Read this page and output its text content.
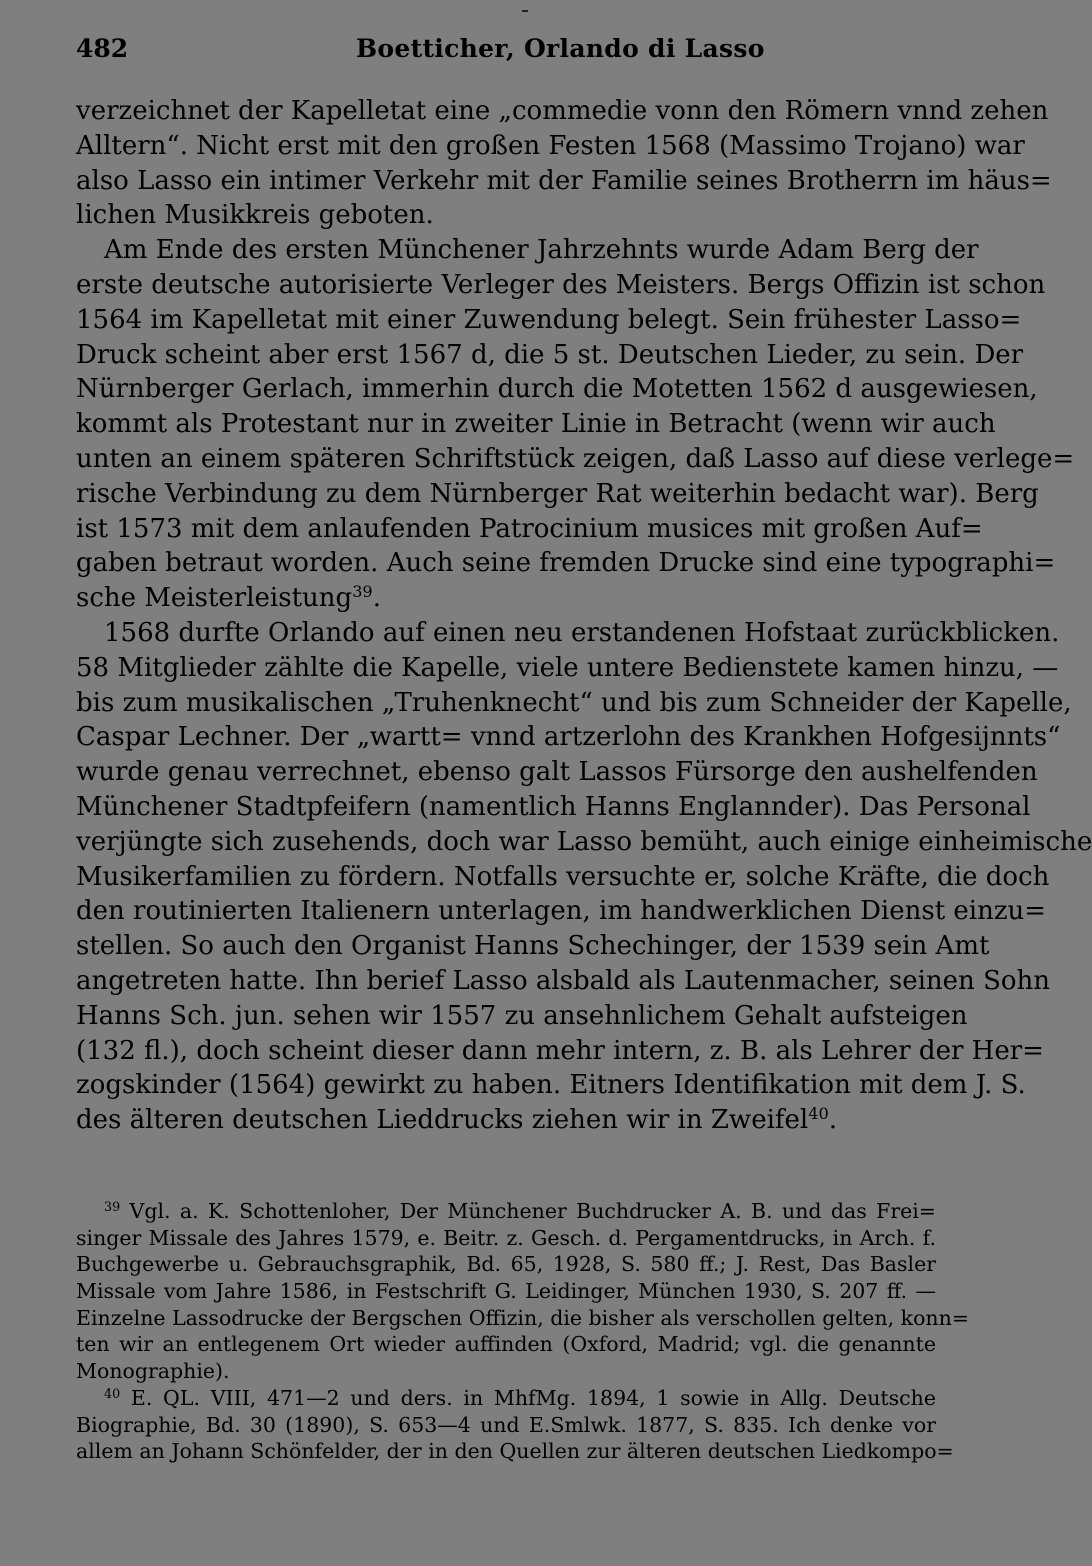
482	Boetticher, Orlando di Lasso
verzeichnet der Kapelletat eine „commedie vonn den Römern vnnd zehen
Alltern“. Nicht erst mit den großen Festen 1568 (Massimo Trojano) war
also Lasso ein intimer Verkehr mit der Familie seines Brotherrn im häus=
lichen Musikkreis geboten.
Am Ende des ersten Münchener Jahrzehnts wurde Adam Berg der
erste deutsche autorisierte Verleger des Meisters. Bergs Offizin ist schon
1564 im Kapelletat mit einer Zuwendung belegt. Sein frühester Lasso=
Druck scheint aber erst 1567 d, die 5 st. Deutschen Lieder, zu sein. Der
Nürnberger Gerlach, immerhin durch die Motetten 1562 d ausgewiesen,
kommt als Protestant nur in zweiter Linie in Betracht (wenn wir auch
unten an einem späteren Schriftstück zeigen, daß Lasso auf diese verlege=
rische Verbindung zu dem Nürnberger Rat weiterhin bedacht war). Berg
ist 1573 mit dem anlaufenden Patrocinium musices mit großen Auf=
gaben betraut worden. Auch seine fremden Drucke sind eine typographi=
sche Meisterleistung$^{39}$.
1568 durfte Orlando auf einen neu erstandenen Hofstaat zurückblicken.
58 Mitglieder zählte die Kapelle, viele untere Bedienstete kamen hinzu, —
bis zum musikalischen „Truhenknecht“ und bis zum Schneider der Kapelle,
Caspar Lechner. Der „wartt= vnnd artzerlohn des Krankhen Hofgesijnnts“
wurde genau verrechnet, ebenso galt Lassos Fürsorge den aushelfenden
Münchener Stadtpfeifern (namentlich Hanns Englannder). Das Personal
verjüngte sich zusehends, doch war Lasso bemüht, auch einige einheimische
Musikerfamilien zu fördern. Notfalls versuchte er, solche Kräfte, die doch
den routinierten Italienern unterlagen, im handwerklichen Dienst einzu=
stellen. So auch den Organist Hanns Schechinger, der 1539 sein Amt
angetreten hatte. Ihn berief Lasso alsbald als Lautenmacher, seinen Sohn
Hanns Sch. jun. sehen wir 1557 zu ansehnlichem Gehalt aufsteigen
(132 fl.), doch scheint dieser dann mehr intern, z. B. als Lehrer der Her=
zogskinder (1564) gewirkt zu haben. Eitners Identifikation mit dem J. S.
des älteren deutschen Lieddrucks ziehen wir in Zweifel$^{40}$.
$^{39}$ Vgl. a. K. Schottenloher, Der Münchener Buchdrucker A. B. und das Frei=
singer Missale des Jahres 1579, e. Beitr. z. Gesch. d. Pergamentdrucks, in Arch. f.
Buchgewerbe u. Gebrauchsgraphik, Bd. 65, 1928, S. 580 ff.; J. Rest, Das Basler
Missale vom Jahre 1586, in Festschrift G. Leidinger, München 1930, S. 207 ff. —
Einzelne Lassodrucke der Bergschen Offizin, die bisher als verschollen gelten, konn=
ten wir an entlegenem Ort wieder auffinden (Oxford, Madrid; vgl. die genannte
Monographie).
$^{40}$ E. QL. VIII, 471—2 und ders. in MhfMg. 1894, 1 sowie in Allg. Deutsche
Biographie, Bd. 30 (1890), S. 653—4 und E.Smlwk. 1877, S. 835. Ich denke vor
allem an Johann Schönfelder, der in den Quellen zur älteren deutschen Liedkompo=
